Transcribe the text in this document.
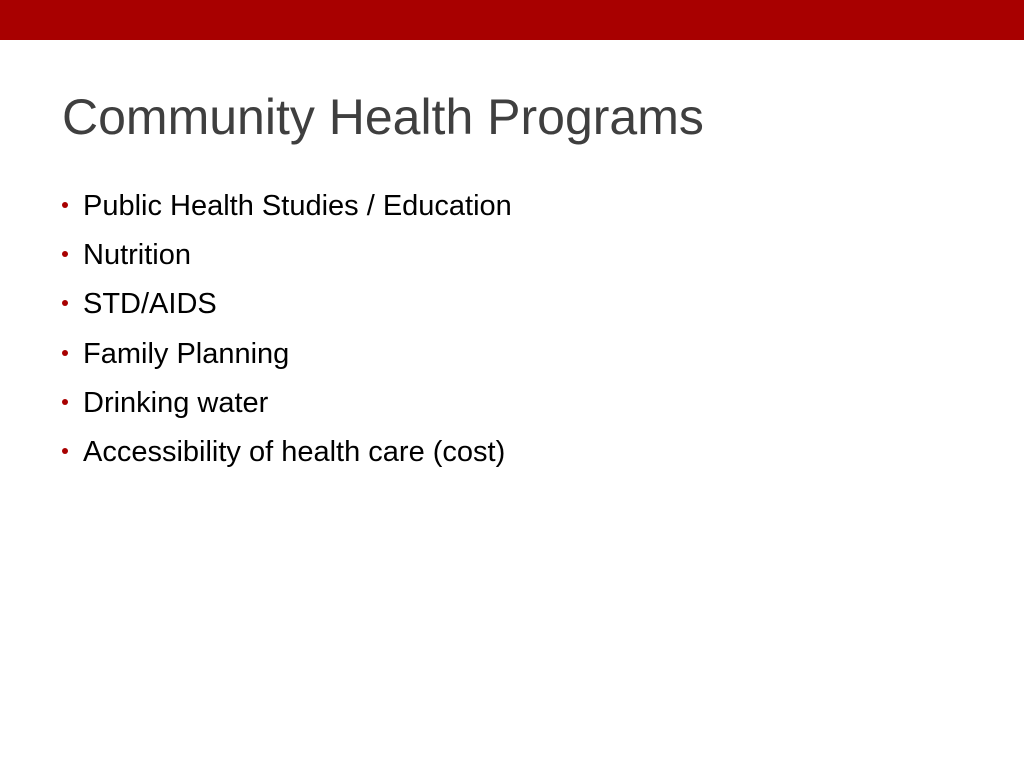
Community Health Programs
Public Health Studies / Education
Nutrition
STD/AIDS
Family Planning
Drinking water
Accessibility of health care (cost)
